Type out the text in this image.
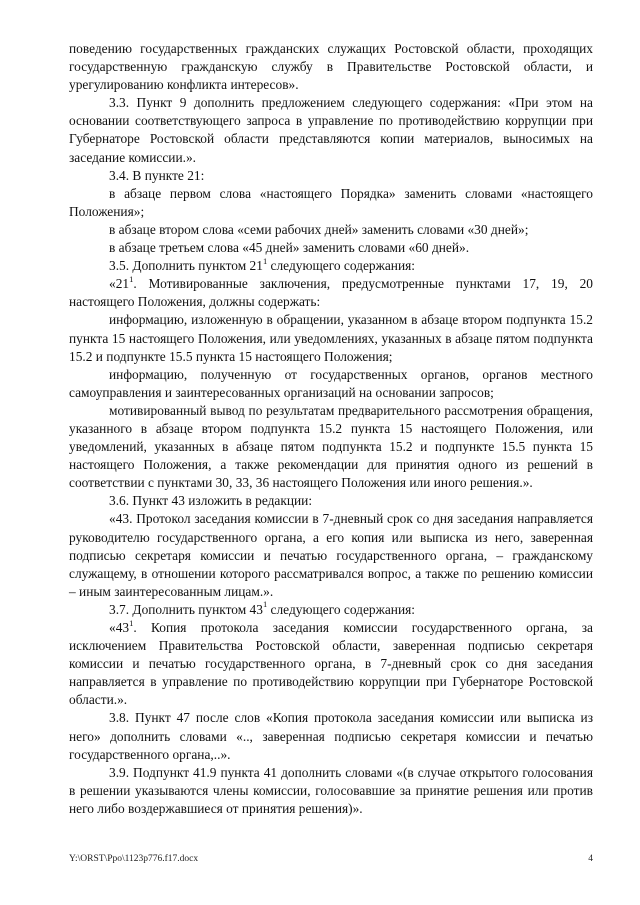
поведению государственных гражданских служащих Ростовской области, проходящих государственную гражданскую службу в Правительстве Ростовской области, и урегулированию конфликта интересов».

3.3. Пункт 9 дополнить предложением следующего содержания: «При этом на основании соответствующего запроса в управление по противодействию коррупции при Губернаторе Ростовской области представляются копии материалов, выносимых на заседание комиссии.».

3.4. В пункте 21:

в абзаце первом слова «настоящего Порядка» заменить словами «настоящего Положения»;

в абзаце втором слова «семи рабочих дней» заменить словами «30 дней»;

в абзаце третьем слова «45 дней» заменить словами «60 дней».

3.5. Дополнить пунктом $21^1$ следующего содержания:

«$21^1$. Мотивированные заключения, предусмотренные пунктами 17, 19, 20 настоящего Положения, должны содержать:

информацию, изложенную в обращении, указанном в абзаце втором подпункта 15.2 пункта 15 настоящего Положения, или уведомлениях, указанных в абзаце пятом подпункта 15.2 и подпункте 15.5 пункта 15 настоящего Положения;

информацию, полученную от государственных органов, органов местного самоуправления и заинтересованных организаций на основании запросов;

мотивированный вывод по результатам предварительного рассмотрения обращения, указанного в абзаце втором подпункта 15.2 пункта 15 настоящего Положения, или уведомлений, указанных в абзаце пятом подпункта 15.2 и подпункте 15.5 пункта 15 настоящего Положения, а также рекомендации для принятия одного из решений в соответствии с пунктами 30, 33, 36 настоящего Положения или иного решения.».

3.6. Пункт 43 изложить в редакции:

«43. Протокол заседания комиссии в 7-дневный срок со дня заседания направляется руководителю государственного органа, а его копия или выписка из него, заверенная подписью секретаря комиссии и печатью государственного органа, – гражданскому служащему, в отношении которого рассматривался вопрос, а также по решению комиссии – иным заинтересованным лицам.».

3.7. Дополнить пунктом $43^1$ следующего содержания:

«$43^1$. Копия протокола заседания комиссии государственного органа, за исключением Правительства Ростовской области, заверенная подписью секретаря комиссии и печатью государственного органа, в 7-дневный срок со дня заседания направляется в управление по противодействию коррупции при Губернаторе Ростовской области.».

3.8. Пункт 47 после слов «Копия протокола заседания комиссии или выписка из него» дополнить словами «.., заверенная подписью секретаря комиссии и печатью государственного органа,..».

3.9. Подпункт 41.9 пункта 41 дополнить словами «(в случае открытого голосования в решении указываются члены комиссии, голосовавшие за принятие решения или против него либо воздержавшиеся от принятия решения)».

Y:\ORST\Ppo\1123p776.f17.docx	4
